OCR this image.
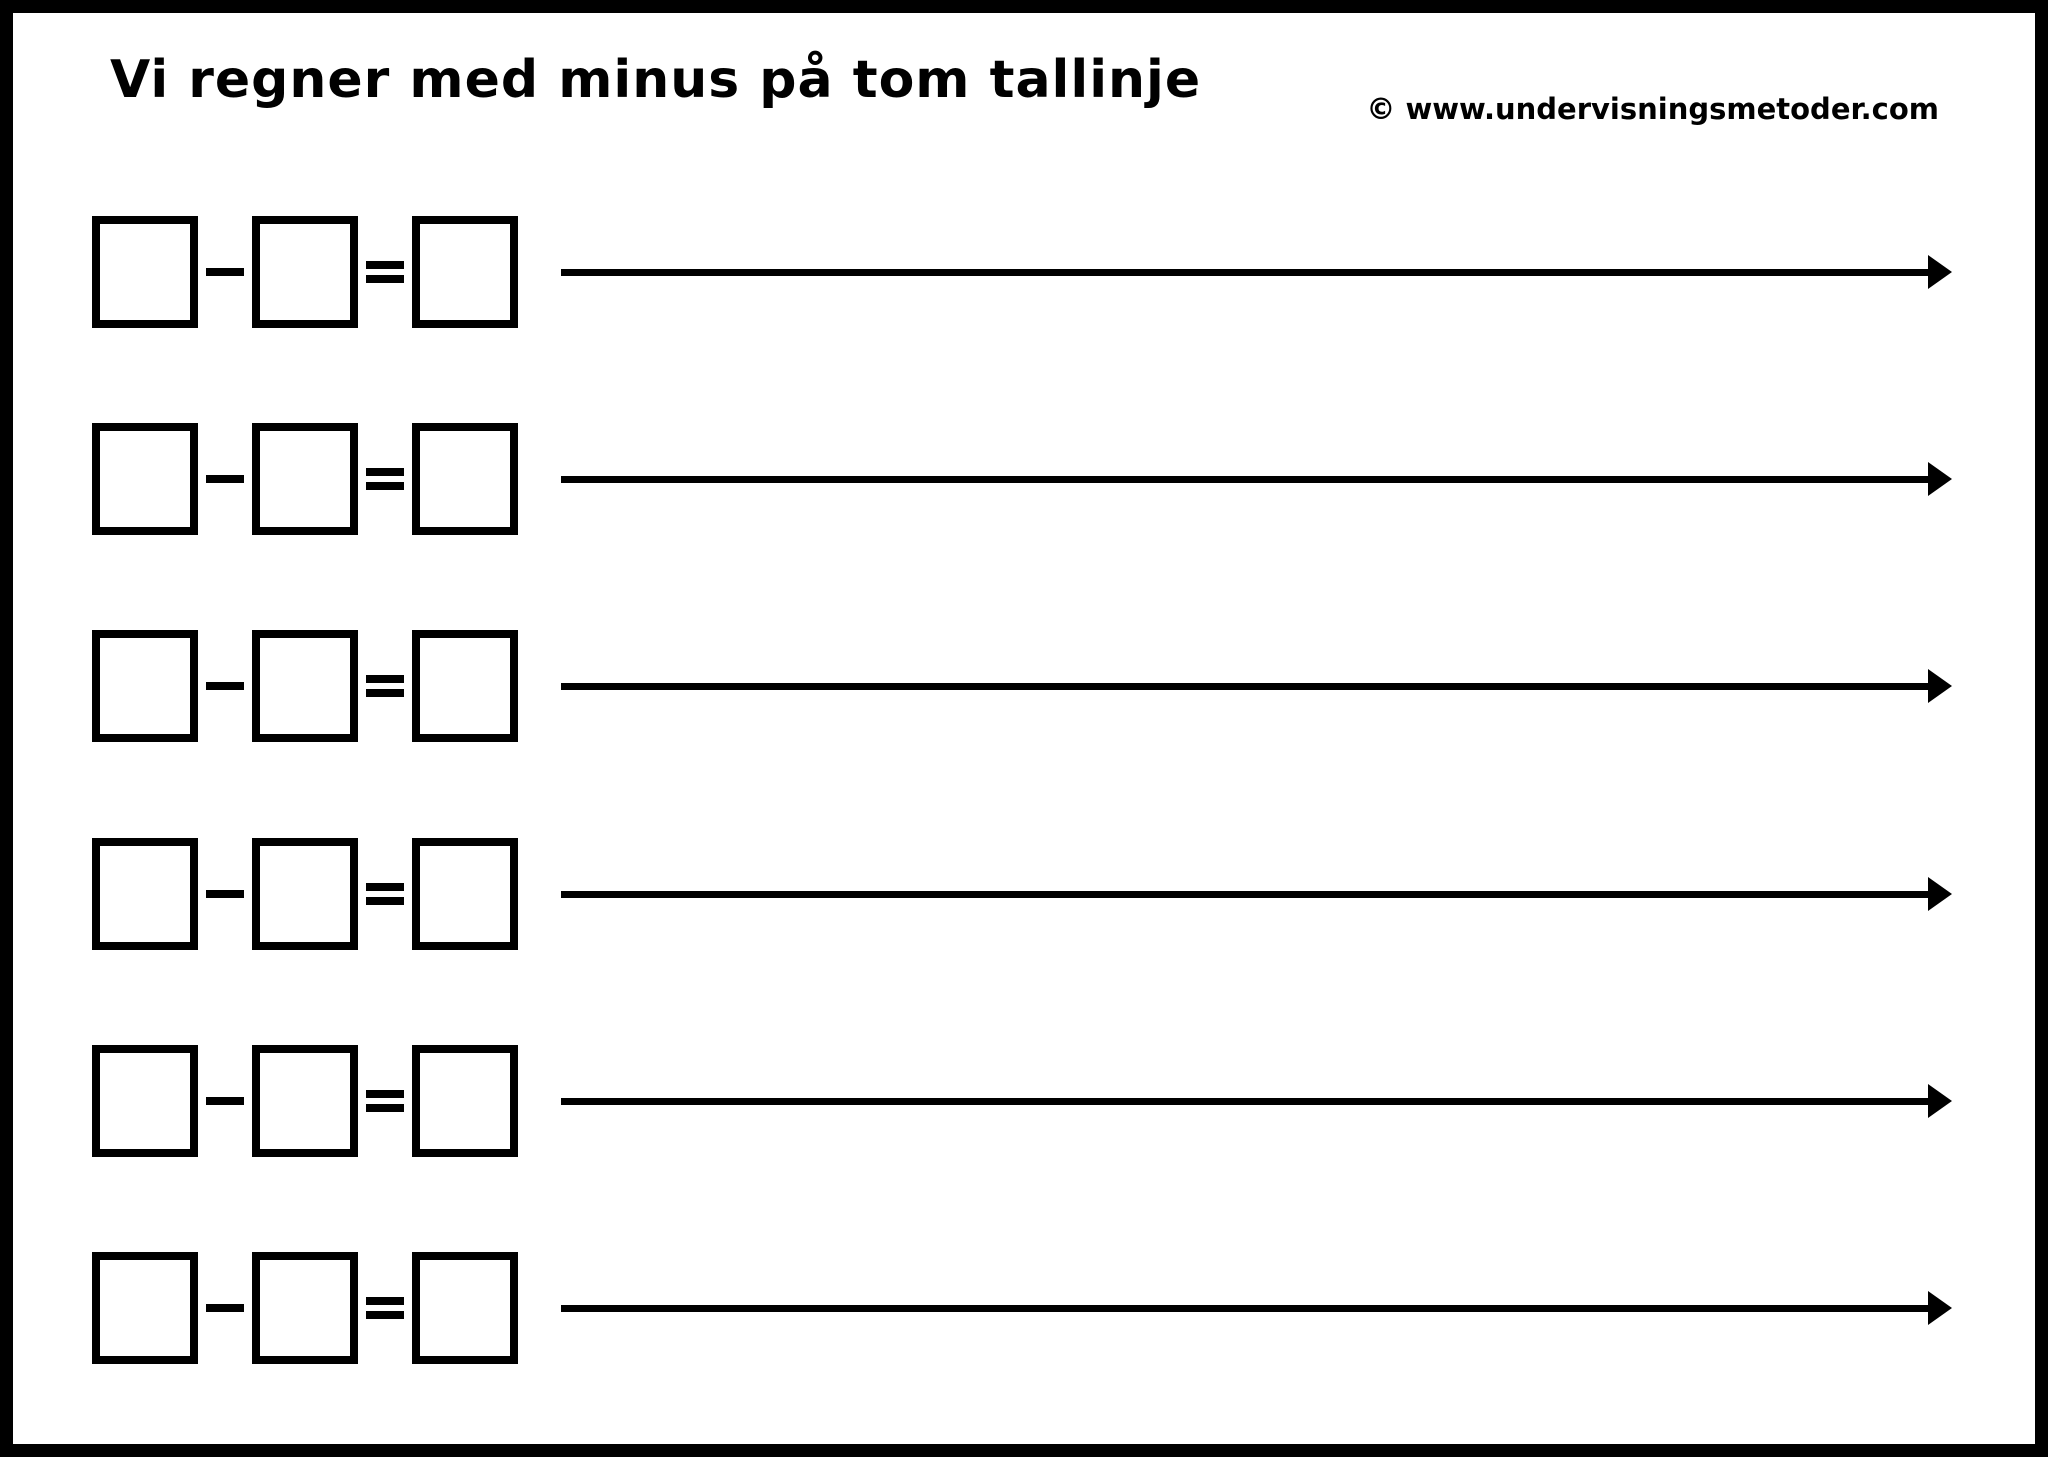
Vi regner med minus på tom tallinje	© www.undervisningsmetoder.com
